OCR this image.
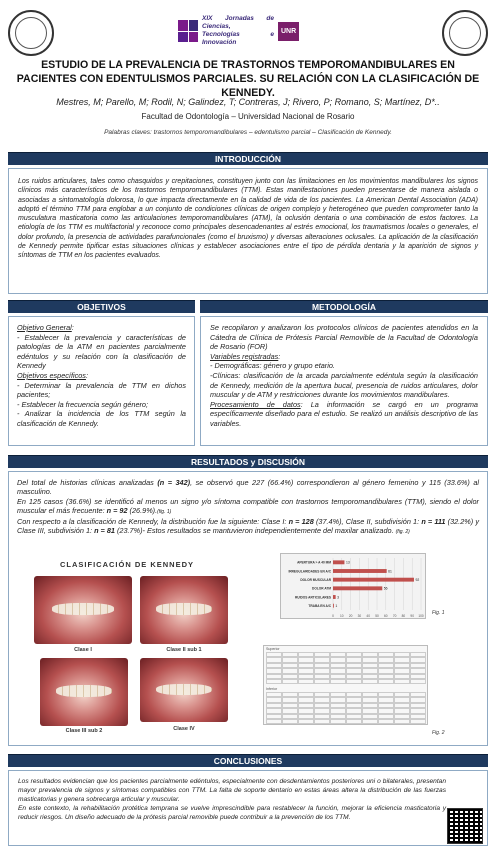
XIX Jornadas de Ciencias,
Tecnologías e Innovación
UNR
ESTUDIO DE LA PREVALENCIA DE TRASTORNOS TEMPOROMANDIBULARES EN PACIENTES CON EDENTULISMOS PARCIALES. SU RELACIÓN CON LA CLASIFICACIÓN DE KENNEDY.
Mestres, M; Parello, M; Rodil, N; Galindez, T; Contreras, J; Rivero, P; Romano, S; Martínez, D*..
Facultad de Odontología – Universidad Nacional de Rosario
Palabras claves: trastornos temporomandibulares – edentulismo parcial – Clasificación de Kennedy.
INTRODUCCIÓN
Los ruidos articulares, tales como chasquidos y crepitaciones, constituyen junto con las limitaciones en los movimientos mandibulares los signos clínicos más característicos de los trastornos temporomandibulares (TTM). Estas manifestaciones pueden presentarse de manera aislada o asociadas a sintomatología dolorosa, lo que impacta directamente en la calidad de vida de los pacientes. La American Dental Association (ADA) adoptó el término TTM para englobar a un conjunto de condiciones clínicas de origen complejo y heterogéneo que pueden comprometer tanto la musculatura masticatoria como las articulaciones temporomandibulares (ATM), la oclusión dentaria o una combinación de estos factores. La etiología de los TTM es multifactorial y reconoce como principales desencadenantes al estrés emocional, los traumatismos locales o generales, el dolor profundo, la presencia de actividades parafuncionales (como el bruxismo) y diversas alteraciones oclusales. La aplicación de la clasificación de Kennedy permite tipificar estas situaciones clínicas y establecer asociaciones entre el tipo de pérdida dentaria y la aparición de signos y síntomas de TTM en los pacientes evaluados.
OBJETIVOS

Objetivo General:

- Establecer la prevalencia y características de patologías de la ATM en pacientes parcialmente edéntulos y su relación con la clasificación de Kennedy

Objetivos específicos:

- Determinar la prevalencia de TTM en dichos pacientes;

- Establecer la frecuencia según género;

- Analizar la incidencia de los TTM según la clasificación de Kennedy.

METODOLOGÍA

Se recopilaron y analizaron los protocolos clínicos de pacientes atendidos en la Cátedra de Clínica de Prótesis Parcial Removible de la Facultad de Odontología de Rosario (FOR)

Variables registradas:

- Demográficas: género y grupo etario.

-Clínicas: clasificación de la arcada parcialmente edéntula según la clasificación de Kennedy, medición de la apertura bucal, presencia de ruidos articulares, dolor muscular y de ATM y restricciones durante los movimientos mandibulares.

Procesamiento de datos: La información se cargó en un programa específicamente diseñado para el estudio. Se realizó un análisis descriptivo de las variables.

RESULTADOS y DISCUSIÓN

Del total de historias clínicas analizadas (n = 342), se observó que 227 (66.4%) correspondieron al género femenino y 115 (33.6%) al masculino.

En 125 casos (36.6%) se identificó al menos un signo y/o síntoma compatible con trastornos temporomandibulares (TTM), siendo el dolor muscular el más frecuente: n = 92 (26.9%).(fig. 1)

Con respecto a la clasificación de Kennedy, la distribución fue la siguiente: Clase I: n = 128 (37.4%), Clase II, subdivisión 1: n = 111 (32.2%) y Clase III, subdivisión 1: n = 81 (23.7%)- Estos resultados se mantuvieron independientemente del maxilar analizado. (fig. 2)

CLASIFICACIÓN DE KENNEDY
Clase I	Clase II sub 1
Clase III sub 2	Clase IV
0 10 20 30 40 50 60 70 80 90 100
APERTURA > A 40 MM	13
IRREGULARIDADES EN A/C	61
DOLOR MUSCULAR	92
DOLOR ATM	56
RUIDOS ARTICULARES 3
TRABA EN A/C 1
Fig. 1
Superior
Inferior
Fig. 2
CONCLUSIONES

Los resultados evidencian que los pacientes parcialmente edéntulos, especialmente con desdentamientos posteriores uni o bilaterales, presentan mayor prevalencia de signos y síntomas compatibles con TTM. La falta de soporte dentario en estas áreas altera la distribución de las fuerzas masticatorias y genera sobrecarga articular y muscular.

En este contexto, la rehabilitación protética temprana se vuelve imprescindible para restablecer la función, mejorar la eficiencia masticatoria y reducir riesgos. Un diseño adecuado de la prótesis parcial removible puede contribuir a la prevención de los TTM.
